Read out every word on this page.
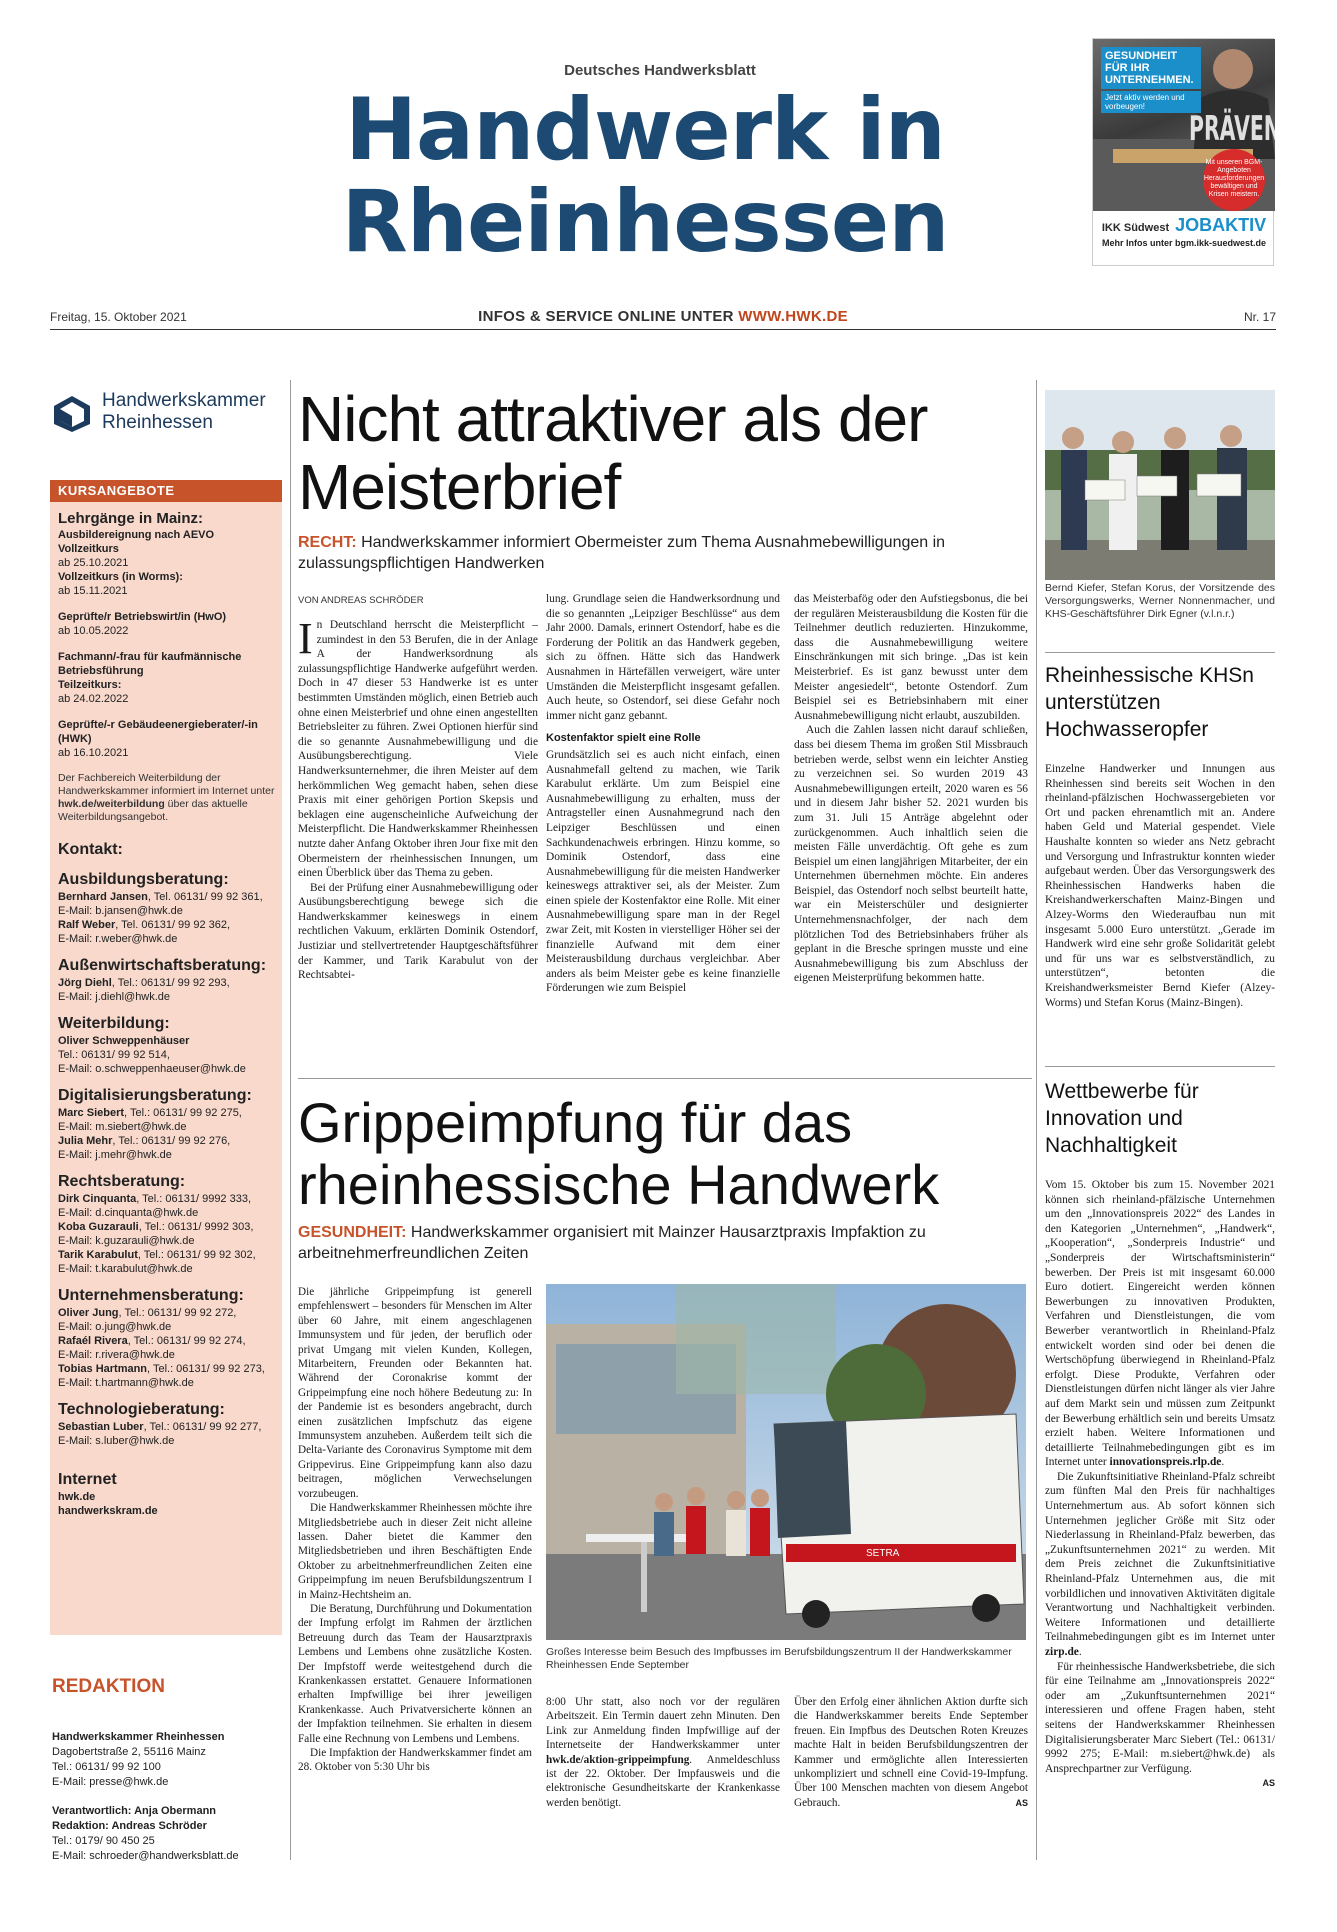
Deutsches Handwerksblatt
Handwerk in
Rheinhessen
GESUNDHEIT FÜR IHR UNTERNEHMEN.
Jetzt aktiv werden und vorbeugen!
PRÄVENTION
Mit unseren BGM-Angeboten Herausforderungen bewältigen und Krisen meistern.
IKK Südwest JOBAKTIV
Mehr Infos unter bgm.ikk-suedwest.de
Freitag, 15. Oktober 2021	INFOS & SERVICE ONLINE UNTER WWW.HWK.DE	Nr. 17
Handwerkskammer
Rheinhessen
KURSANGEBOTE
Lehrgänge in Mainz:
Ausbildereignung nach AEVO
Vollzeitkurs
ab 25.10.2021
Vollzeitkurs (in Worms):
ab 15.11.2021
Geprüfte/r Betriebswirt/in (HwO)
ab 10.05.2022
Fachmann/-frau für kaufmännische Betriebsführung
Teilzeitkurs:
ab 24.02.2022
Geprüfte/-r Gebäudeenergieberater/-in (HWK)
ab 16.10.2021
Der Fachbereich Weiterbildung der Handwerkskammer informiert im Internet unter hwk.de/weiterbildung über das aktuelle Weiterbildungsangebot.
Kontakt:
Ausbildungsberatung:
Bernhard Jansen, Tel. 06131/ 99 92 361,
E-Mail: b.jansen@hwk.de
Ralf Weber, Tel. 06131/ 99 92 362,
E-Mail: r.weber@hwk.de
Außenwirtschaftsberatung:
Jörg Diehl, Tel.: 06131/ 99 92 293,
E-Mail: j.diehl@hwk.de
Weiterbildung:
Oliver Schweppenhäuser
Tel.: 06131/ 99 92 514,
E-Mail: o.schweppenhaeuser@hwk.de
Digitalisierungsberatung:
Marc Siebert, Tel.: 06131/ 99 92 275,
E-Mail: m.siebert@hwk.de
Julia Mehr, Tel.: 06131/ 99 92 276,
E-Mail: j.mehr@hwk.de
Rechtsberatung:
Dirk Cinquanta, Tel.: 06131/ 9992 333,
E-Mail: d.cinquanta@hwk.de
Koba Guzarauli, Tel.: 06131/ 9992 303,
E-Mail: k.guzarauli@hwk.de
Tarik Karabulut, Tel.: 06131/ 99 92 302,
E-Mail: t.karabulut@hwk.de
Unternehmensberatung:
Oliver Jung, Tel.: 06131/ 99 92 272,
E-Mail: o.jung@hwk.de
Rafaél Rivera, Tel.: 06131/ 99 92 274,
E-Mail: r.rivera@hwk.de
Tobias Hartmann, Tel.: 06131/ 99 92 273,
E-Mail: t.hartmann@hwk.de
Technologieberatung:
Sebastian Luber, Tel.: 06131/ 99 92 277,
E-Mail: s.luber@hwk.de
Internet
hwk.de
handwerkskram.de
REDAKTION
Handwerkskammer Rheinhessen
Dagobertstraße 2, 55116 Mainz
Tel.: 06131/ 99 92 100
E-Mail: presse@hwk.de
Verantwortlich: Anja Obermann
Redaktion: Andreas Schröder
Tel.: 0179/ 90 450 25
E-Mail: schroeder@handwerksblatt.de
Nicht attraktiver als der Meisterbrief
RECHT: Handwerkskammer informiert Obermeister zum Thema Ausnahmebewilligungen in zulassungspflichtigen Handwerken
VON ANDREAS SCHRÖDER

In Deutschland herrscht die Meisterpflicht – zumindest in den 53 Berufen, die in der Anlage A der Handwerksordnung als zulassungspflichtige Handwerke aufgeführt werden. Doch in 47 dieser 53 Handwerke ist es unter bestimmten Umständen möglich, einen Betrieb auch ohne einen Meisterbrief und ohne einen angestellten Betriebsleiter zu führen. Zwei Optionen hierfür sind die so genannte Ausnahmebewilligung und die Ausübungsberechtigung. Viele Handwerksunternehmer, die ihren Meister auf dem herkömmlichen Weg gemacht haben, sehen diese Praxis mit einer gehörigen Portion Skepsis und beklagen eine augenscheinliche Aufweichung der Meisterpflicht. Die Handwerkskammer Rheinhessen nutzte daher Anfang Oktober ihren Jour fixe mit den Obermeistern der rheinhessischen Innungen, um einen Überblick über das Thema zu geben.

Bei der Prüfung einer Ausnahmebewilligung oder Ausübungsberechtigung bewege sich die Handwerkskammer keineswegs in einem rechtlichen Vakuum, erklärten Dominik Ostendorf, Justiziar und stellvertretender Hauptgeschäftsführer der Kammer, und Tarik Karabulut von der Rechtsabtei-

lung. Grundlage seien die Handwerksordnung und die so genannten „Leipziger Beschlüsse“ aus dem Jahr 2000. Damals, erinnert Ostendorf, habe es die Forderung der Politik an das Handwerk gegeben, sich zu öffnen. Hätte sich das Handwerk Ausnahmen in Härtefällen verweigert, wäre unter Umständen die Meisterpflicht insgesamt gefallen. Auch heute, so Ostendorf, sei diese Gefahr noch immer nicht ganz gebannt.

Kostenfaktor spielt eine Rolle

Grundsätzlich sei es auch nicht einfach, einen Ausnahmefall geltend zu machen, wie Tarik Karabulut erklärte. Um zum Beispiel eine Ausnahmebewilligung zu erhalten, muss der Antragsteller einen Ausnahmegrund nach den Leipziger Beschlüssen und einen Sachkundenachweis erbringen. Hinzu komme, so Dominik Ostendorf, dass eine Ausnahmebewilligung für die meisten Handwerker keineswegs attraktiver sei, als der Meister. Zum einen spiele der Kostenfaktor eine Rolle. Mit einer Ausnahmebewilligung spare man in der Regel zwar Zeit, mit Kosten in vierstelliger Höher sei der finanzielle Aufwand mit dem einer Meisterausbildung durchaus vergleichbar. Aber anders als beim Meister gebe es keine finanzielle Förderungen wie zum Beispiel

das Meisterbafög oder den Aufstiegsbonus, die bei der regulären Meisterausbildung die Kosten für die Teilnehmer deutlich reduzierten. Hinzukomme, dass die Ausnahmebewilligung weitere Einschränkungen mit sich bringe. „Das ist kein Meisterbrief. Es ist ganz bewusst unter dem Meister angesiedelt“, betonte Ostendorf. Zum Beispiel sei es Betriebsinhabern mit einer Ausnahmebewilligung nicht erlaubt, auszubilden.

Auch die Zahlen lassen nicht darauf schließen, dass bei diesem Thema im großen Stil Missbrauch betrieben werde, selbst wenn ein leichter Anstieg zu verzeichnen sei. So wurden 2019 43 Ausnahmebewilligungen erteilt, 2020 waren es 56 und in diesem Jahr bisher 52. 2021 wurden bis zum 31. Juli 15 Anträge abgelehnt oder zurückgenommen. Auch inhaltlich seien die meisten Fälle unverdächtig. Oft gehe es zum Beispiel um einen langjährigen Mitarbeiter, der ein Unternehmen übernehmen möchte. Ein anderes Beispiel, das Ostendorf noch selbst beurteilt hatte, war ein Meisterschüler und designierter Unternehmensnachfolger, der nach dem plötzlichen Tod des Betriebsinhabers früher als geplant in die Bresche springen musste und eine Ausnahmebewilligung bis zum Abschluss der eigenen Meisterprüfung bekommen hatte.

Grippeimpfung für das rheinhessische Handwerk
GESUNDHEIT: Handwerkskammer organisiert mit Mainzer Hausarztpraxis Impfaktion zu arbeitnehmerfreundlichen Zeiten

Die jährliche Grippeimpfung ist generell empfehlenswert – besonders für Menschen im Alter über 60 Jahre, mit einem angeschlagenen Immunsystem und für jeden, der beruflich oder privat Umgang mit vielen Kunden, Kollegen, Mitarbeitern, Freunden oder Bekannten hat. Während der Coronakrise kommt der Grippeimpfung eine noch höhere Bedeutung zu: In der Pandemie ist es besonders angebracht, durch einen zusätzlichen Impfschutz das eigene Immunsystem anzuheben. Außerdem teilt sich die Delta-Variante des Coronavirus Symptome mit dem Grippevirus. Eine Grippeimpfung kann also dazu beitragen, möglichen Verwechselungen vorzubeugen.

Die Handwerkskammer Rheinhessen möchte ihre Mitgliedsbetriebe auch in dieser Zeit nicht alleine lassen. Daher bietet die Kammer den Mitgliedsbetrieben und ihren Beschäftigten Ende Oktober zu arbeitnehmerfreundlichen Zeiten eine Grippeimpfung im neuen Berufsbildungszentrum I in Mainz-Hechtsheim an.

Die Beratung, Durchführung und Dokumentation der Impfung erfolgt im Rahmen der ärztlichen Betreuung durch das Team der Hausarztpraxis Lembens und Lembens ohne zusätzliche Kosten. Der Impfstoff werde weitestgehend durch die Krankenkassen erstattet. Genauere Informationen erhalten Impfwillige bei ihrer jeweiligen Krankenkasse. Auch Privatversicherte können an der Impfaktion teilnehmen. Sie erhalten in diesem Falle eine Rechnung von Lembens und Lembens.

Die Impfaktion der Handwerkskammer findet am 28. Oktober von 5:30 Uhr bis

SETRA
Großes Interesse beim Besuch des Impfbusses im Berufsbildungszentrum II der Handwerkskammer Rheinhessen Ende September

8:00 Uhr statt, also noch vor der regulären Arbeitszeit. Ein Termin dauert zehn Minuten. Den Link zur Anmeldung finden Impfwillige auf der Internetseite der Handwerkskammer unter hwk.de/aktion-grippeimpfung. Anmeldeschluss ist der 22. Oktober. Der Impfausweis und die elektronische Gesundheitskarte der Krankenkasse werden benötigt.

Über den Erfolg einer ähnlichen Aktion durfte sich die Handwerkskammer bereits Ende September freuen. Ein Impfbus des Deutschen Roten Kreuzes machte Halt in beiden Berufsbildungszentren der Kammer und ermöglichte allen Interessierten unkompliziert und schnell eine Covid-19-Impfung. Über 100 Menschen machten von diesem Angebot Gebrauch.	AS

Bernd Kiefer, Stefan Korus, der Vorsitzende des Versorgungswerks, Werner Nonnenmacher, und KHS-Geschäftsführer Dirk Egner (v.l.n.r.)
Rheinhessische KHSn unterstützen Hochwasseropfer

Einzelne Handwerker und Innungen aus Rheinhessen sind bereits seit Wochen in den rheinland-pfälzischen Hochwassergebieten vor Ort und packen ehrenamtlich mit an. Andere haben Geld und Material gespendet. Viele Haushalte konnten so wieder ans Netz gebracht und Versorgung und Infrastruktur konnten wieder aufgebaut werden. Über das Versorgungswerk des Rheinhessischen Handwerks haben die Kreishandwerkerschaften Mainz-Bingen und Alzey-Worms den Wiederaufbau nun mit insgesamt 5.000 Euro unterstützt. „Gerade im Handwerk wird eine sehr große Solidarität gelebt und für uns war es selbstverständlich, zu unterstützen“, betonten die Kreishandwerksmeister Bernd Kiefer (Alzey-Worms) und Stefan Korus (Mainz-Bingen).

Wettbewerbe für Innovation und Nachhaltigkeit

Vom 15. Oktober bis zum 15. November 2021 können sich rheinland-pfälzische Unternehmen um den „Innovationspreis 2022“ des Landes in den Kategorien „Unternehmen“, „Handwerk“, „Kooperation“, „Sonderpreis Industrie“ und „Sonderpreis der Wirtschaftsministerin“ bewerben. Der Preis ist mit insgesamt 60.000 Euro dotiert. Eingereicht werden können Bewerbungen zu innovativen Produkten, Verfahren und Dienstleistungen, die vom Bewerber verantwortlich in Rheinland-Pfalz entwickelt worden sind oder bei denen die Wertschöpfung überwiegend in Rheinland-Pfalz erfolgt. Diese Produkte, Verfahren oder Dienstleistungen dürfen nicht länger als vier Jahre auf dem Markt sein und müssen zum Zeitpunkt der Bewerbung erhältlich sein und bereits Umsatz erzielt haben. Weitere Informationen und detaillierte Teilnahmebedingungen gibt es im Internet unter innovationspreis.rlp.de.

Die Zukunftsinitiative Rheinland-Pfalz schreibt zum fünften Mal den Preis für nachhaltiges Unternehmertum aus. Ab sofort können sich Unternehmen jeglicher Größe mit Sitz oder Niederlassung in Rheinland-Pfalz bewerben, das „Zukunftsunternehmen 2021“ zu werden. Mit dem Preis zeichnet die Zukunftsinitiative Rheinland-Pfalz Unternehmen aus, die mit vorbildlichen und innovativen Aktivitäten digitale Verantwortung und Nachhaltigkeit verbinden. Weitere Informationen und detaillierte Teilnahmebedingungen gibt es im Internet unter zirp.de.

Für rheinhessische Handwerksbetriebe, die sich für eine Teilnahme am „Innovationspreis 2022“ oder am „Zukunftsunternehmen 2021“ interessieren und offene Fragen haben, steht seitens der Handwerkskammer Rheinhessen Digitalisierungsberater Marc Siebert (Tel.: 06131/ 9992 275; E-Mail: m.siebert@hwk.de) als Ansprechpartner zur Verfügung.

AS
